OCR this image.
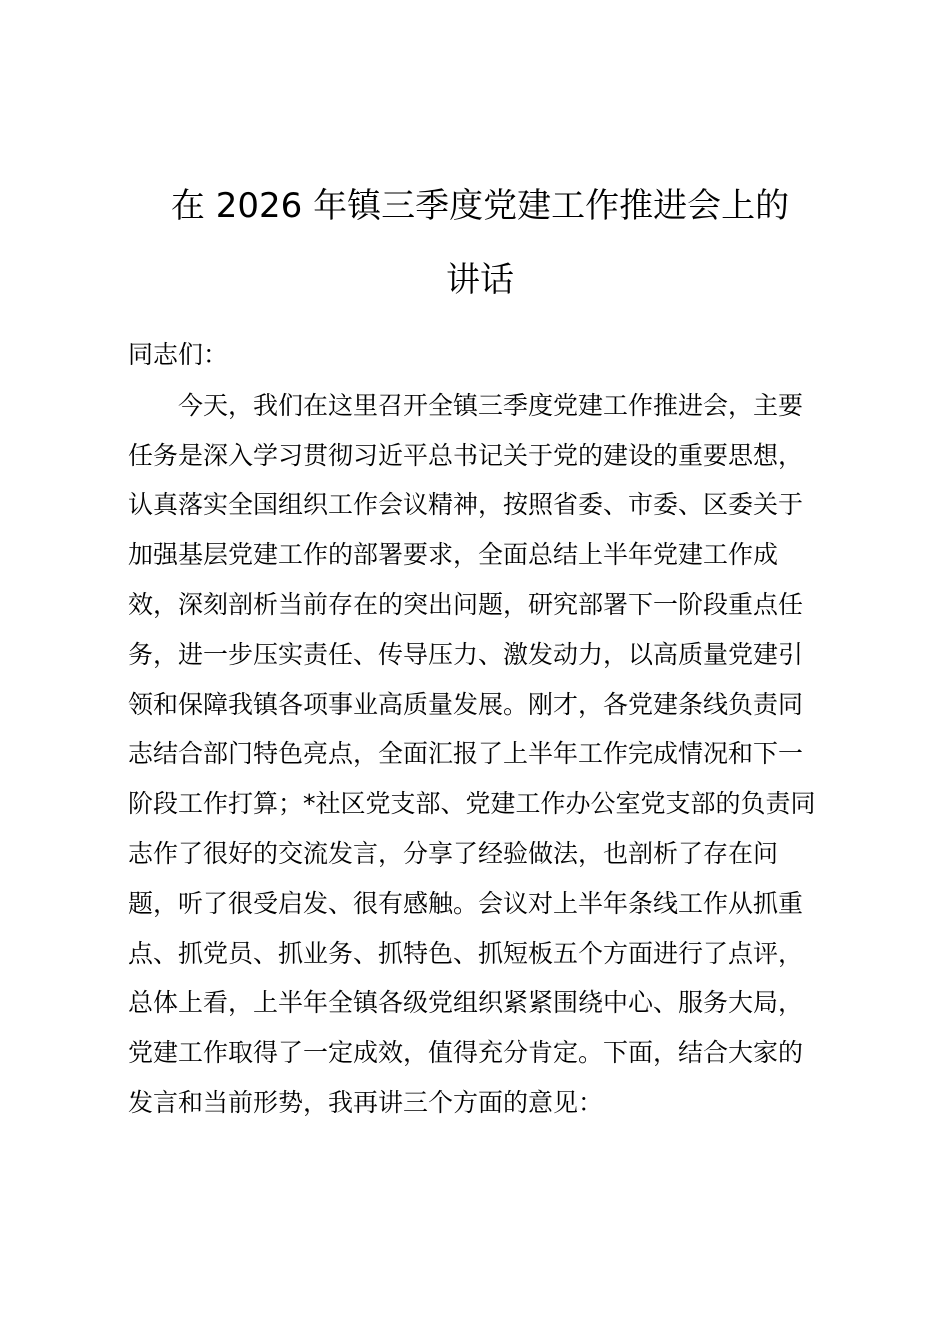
在 2026 年镇三季度党建工作推进会上的
讲话

同志们：

　　今天，我们在这里召开全镇三季度党建工作推进会，主要

任务是深入学习贯彻习近平总书记关于党的建设的重要思想，

认真落实全国组织工作会议精神，按照省委、市委、区委关于

加强基层党建工作的部署要求，全面总结上半年党建工作成

效，深刻剖析当前存在的突出问题，研究部署下一阶段重点任

务，进一步压实责任、传导压力、激发动力，以高质量党建引

领和保障我镇各项事业高质量发展。刚才，各党建条线负责同

志结合部门特色亮点，全面汇报了上半年工作完成情况和下一

阶段工作打算；*社区党支部、党建工作办公室党支部的负责同

志作了很好的交流发言，分享了经验做法，也剖析了存在问

题，听了很受启发、很有感触。会议对上半年条线工作从抓重

点、抓党员、抓业务、抓特色、抓短板五个方面进行了点评，

总体上看，上半年全镇各级党组织紧紧围绕中心、服务大局，

党建工作取得了一定成效，值得充分肯定。下面，结合大家的

发言和当前形势，我再讲三个方面的意见：
